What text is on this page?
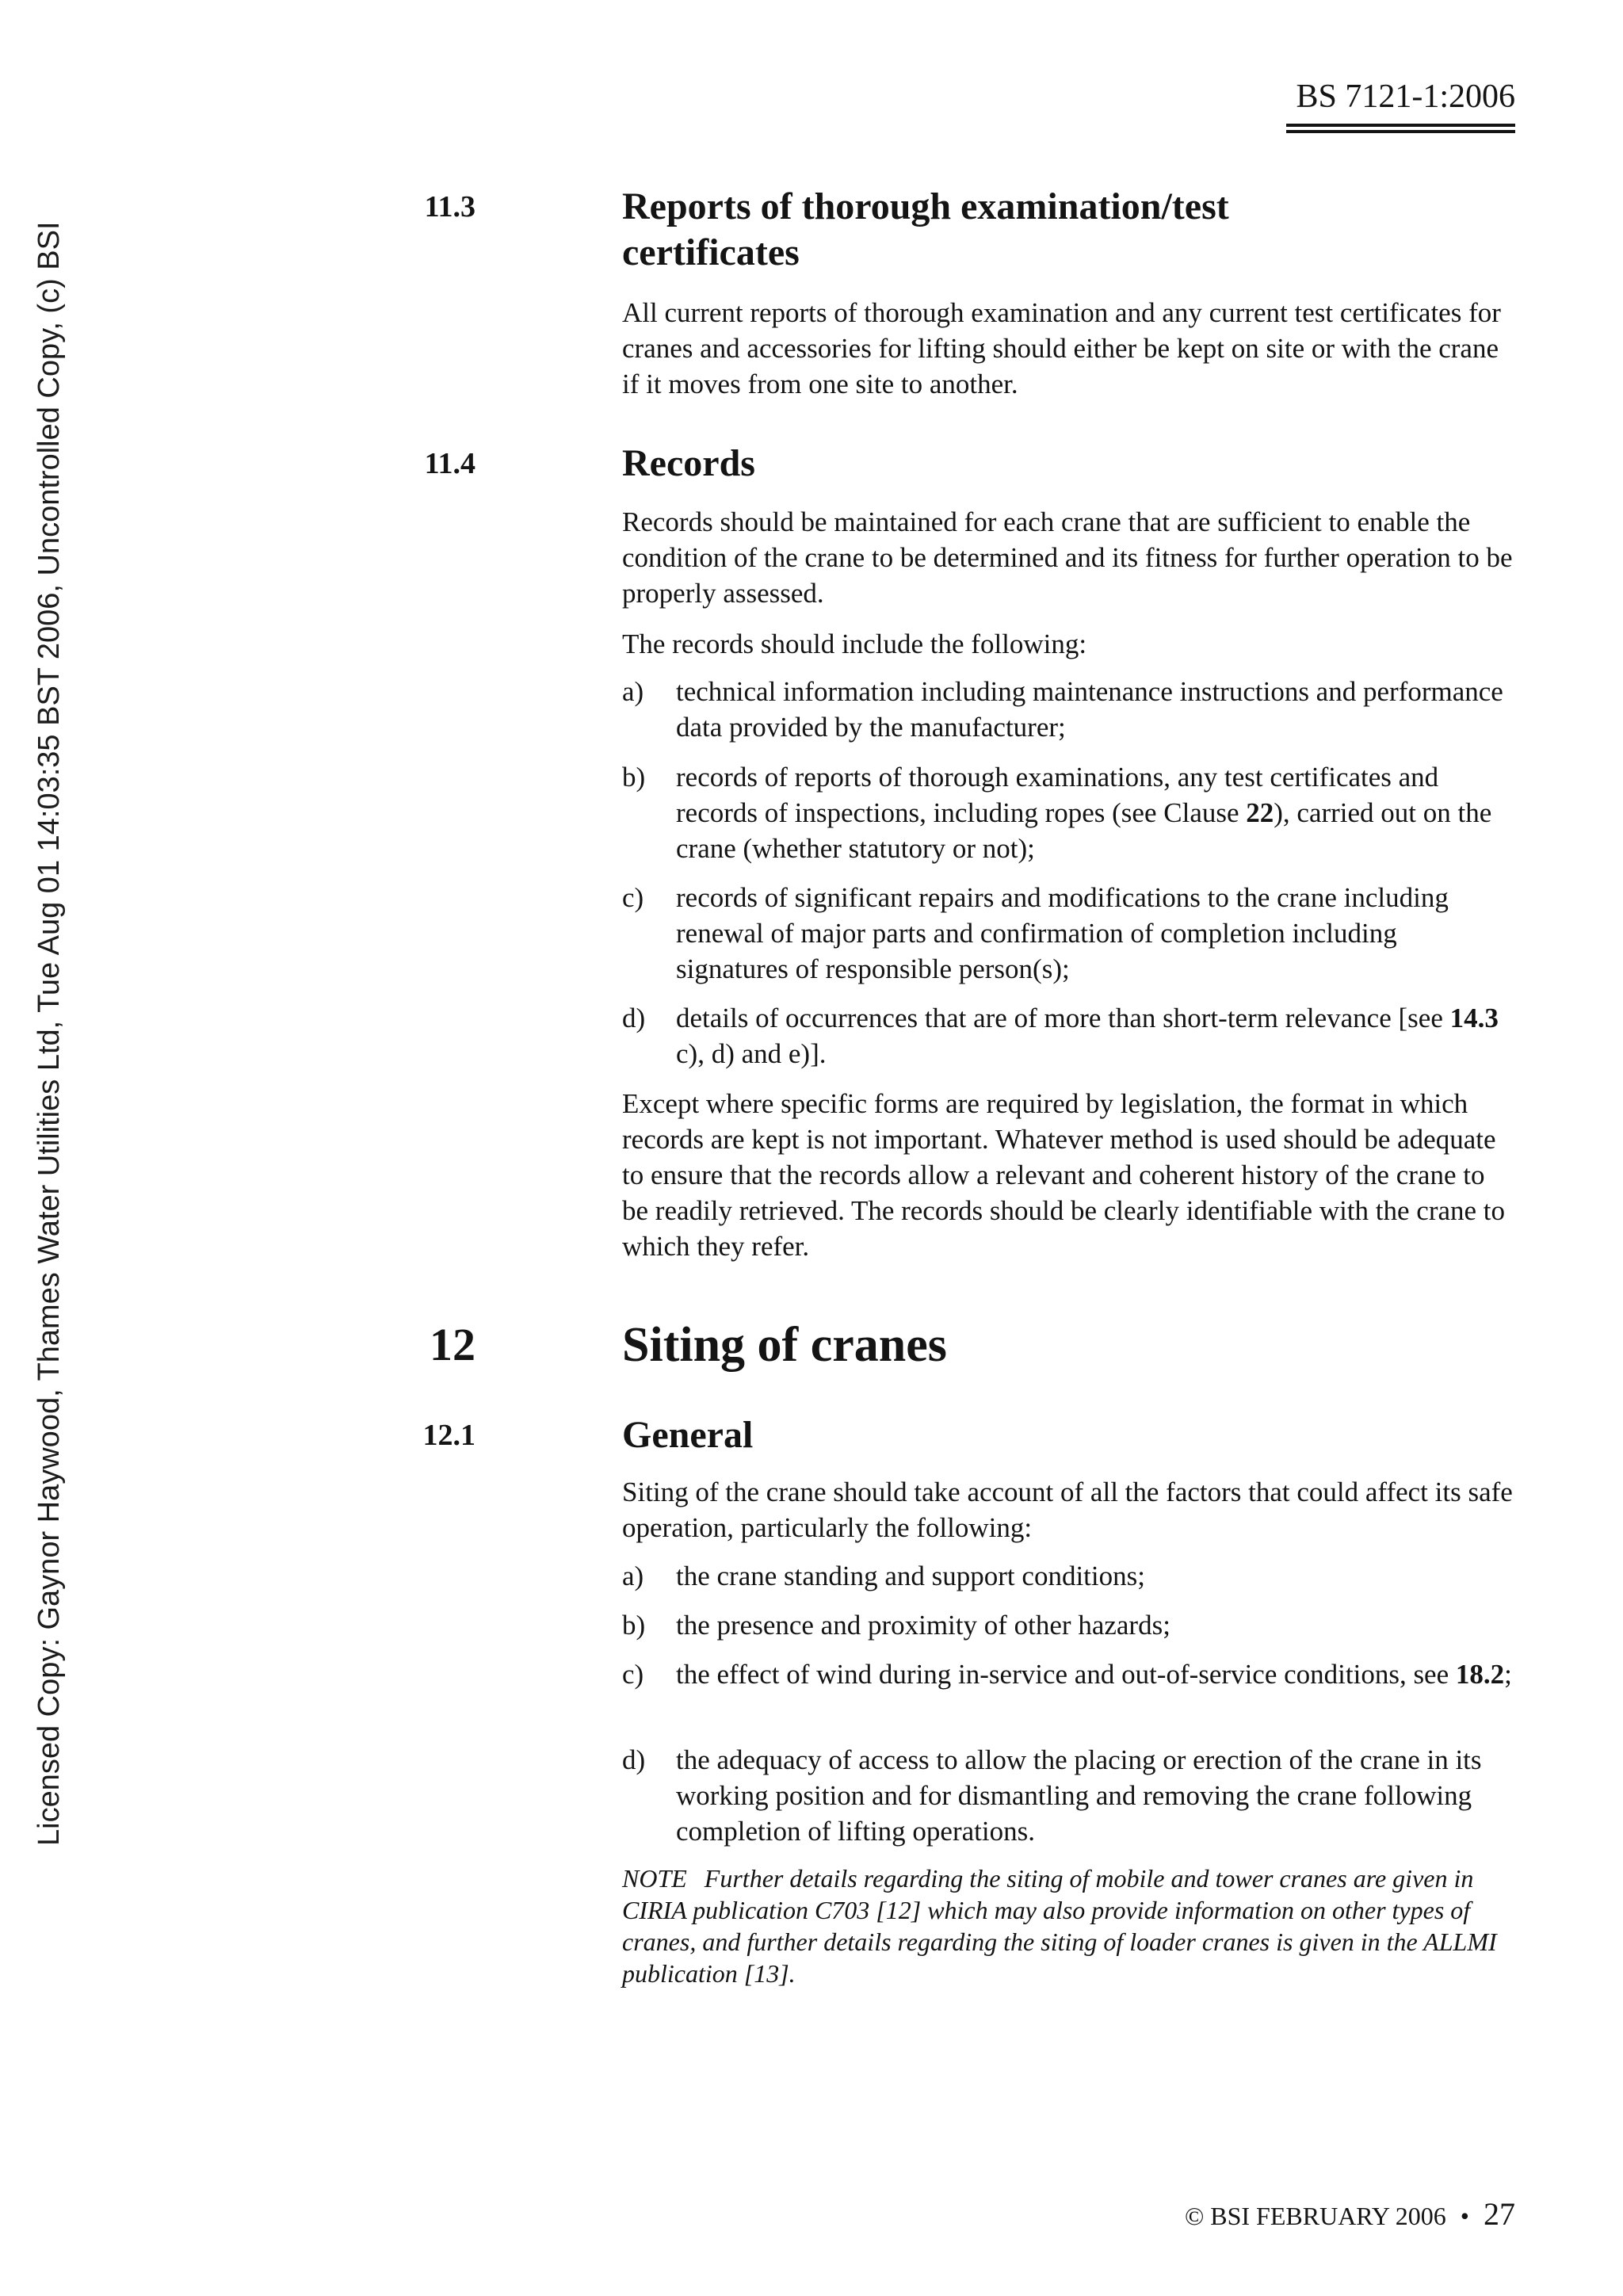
BS 7121-1:2006
Licensed Copy: Gaynor Haywood, Thames Water Utilities Ltd, Tue Aug 01 14:03:35 BST 2006, Uncontrolled Copy, (c) BSI
11.3	Reports of thorough examination/test
certificates

All current reports of thorough examination and any current test certificates for cranes and accessories for lifting should either be kept on site or with the crane if it moves from one site to another.

11.4	Records

Records should be maintained for each crane that are sufficient to enable the condition of the crane to be determined and its fitness for further operation to be properly assessed.

The records should include the following:

a) technical information including maintenance instructions and performance data provided by the manufacturer;
b) records of reports of thorough examinations, any test certificates and records of inspections, including ropes (see Clause 22), carried out on the crane (whether statutory or not);
c) records of significant repairs and modifications to the crane including renewal of major parts and confirmation of completion including signatures of responsible person(s);
d) details of occurrences that are of more than short-term relevance [see 14.3 c), d) and e)].

Except where specific forms are required by legislation, the format in which records are kept is not important. Whatever method is used should be adequate to ensure that the records allow a relevant and coherent history of the crane to be readily retrieved. The records should be clearly identifiable with the crane to which they refer.

12	Siting of cranes
12.1	General

Siting of the crane should take account of all the factors that could affect its safe operation, particularly the following:

a) the crane standing and support conditions;
b) the presence and proximity of other hazards;
c) the effect of wind during in-service and out-of-service conditions, see 18.2;
d) the adequacy of access to allow the placing or erection of the crane in its working position and for dismantling and removing the crane following completion of lifting operations.

NOTE Further details regarding the siting of mobile and tower cranes are given in CIRIA publication C703 [12] which may also provide information on other types of cranes, and further details regarding the siting of loader cranes is given in the ALLMI publication [13].

© BSI FEBRUARY 2006 • 27
